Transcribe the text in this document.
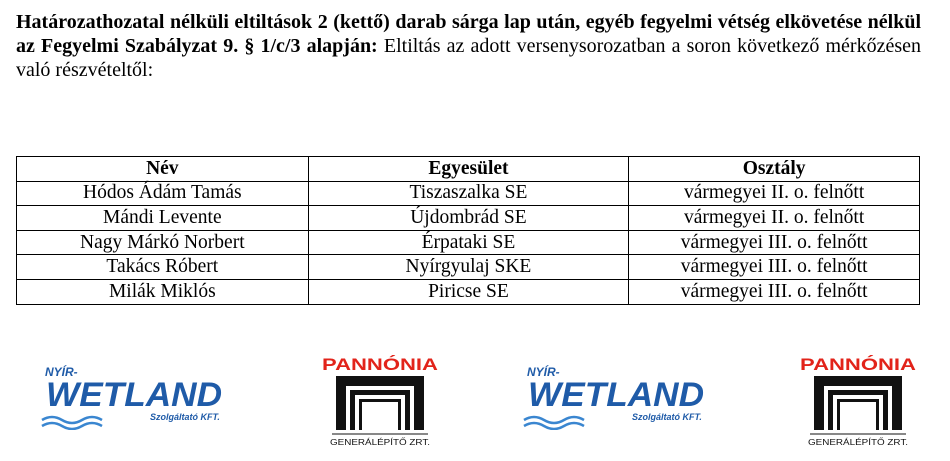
Határozathozatal nélküli eltiltások 2 (kettő) darab sárga lap után, egyéb fegyelmi vétség elkövetése nélkül az Fegyelmi Szabályzat 9. § 1/c/3 alapján: Eltiltás az adott versenysorozatban a soron következő mérkőzésen való részvételtől:
Név	Egyesület	Osztály
Hódos Ádám Tamás	Tiszaszalka SE	vármegyei II. o. felnőtt
Mándi Levente	Újdombrád SE	vármegyei II. o. felnőtt
Nagy Márkó Norbert	Érpataki SE	vármegyei III. o. felnőtt
Takács Róbert	Nyírgyulaj SKE	vármegyei III. o. felnőtt
Milák Miklós	Piricse SE	vármegyei III. o. felnőtt
NYÍR-
WETLAND
Szolgáltató KFT.
PANNÓNIA
GENERÁLÉPÍTŐ ZRT.
NYÍR-
WETLAND
Szolgáltató KFT.
PANNÓNIA
GENERÁLÉPÍTŐ ZRT.
